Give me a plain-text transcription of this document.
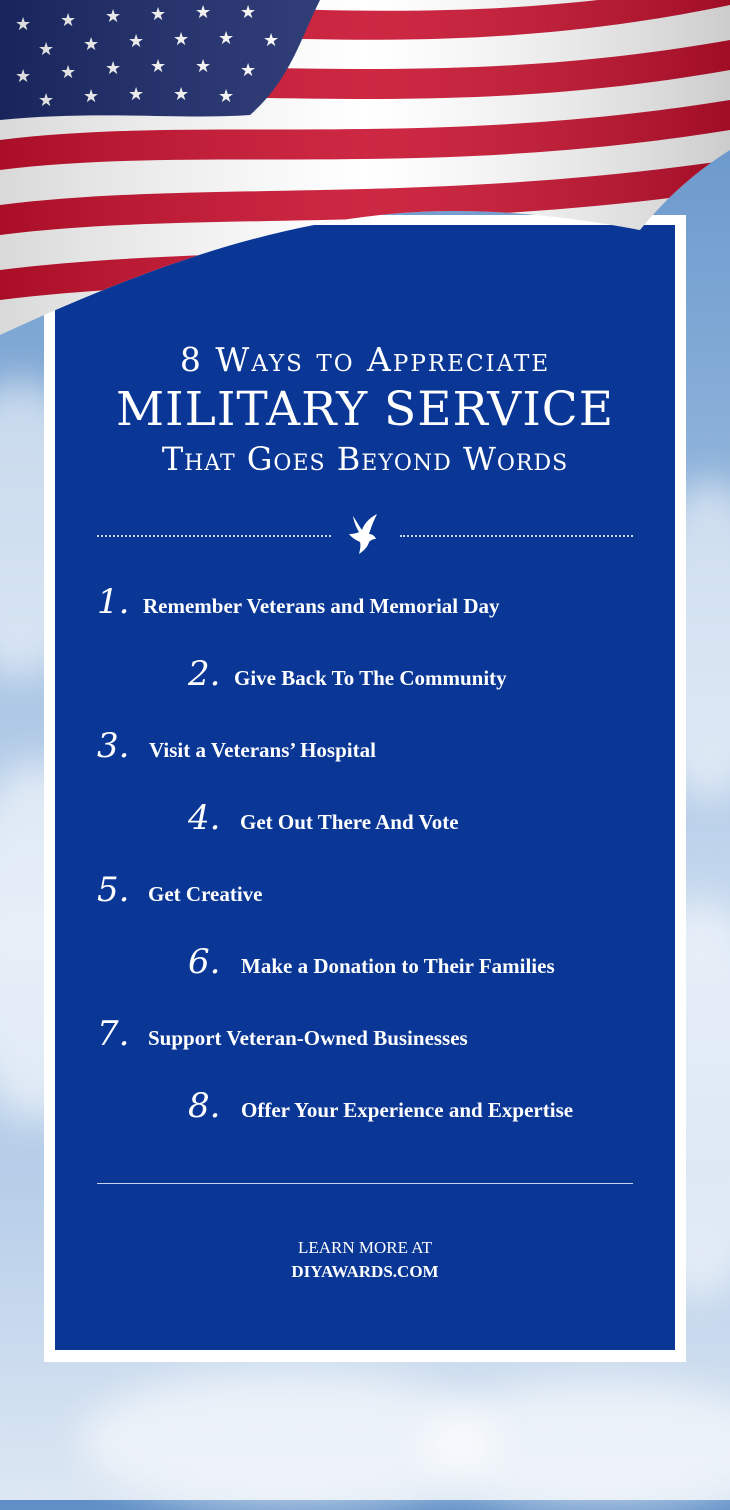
8 Ways to Appreciate
MILITARY SERVICE
That Goes Beyond Words
1. Remember Veterans and Memorial Day
2. Give Back To The Community
3. Visit a Veterans’ Hospital
4. Get Out There And Vote
5. Get Creative
6. Make a Donation to Their Families
7. Support Veteran-Owned Businesses
8. Offer Your Experience and Expertise
LEARN MORE AT
DIYAWARDS.COM
